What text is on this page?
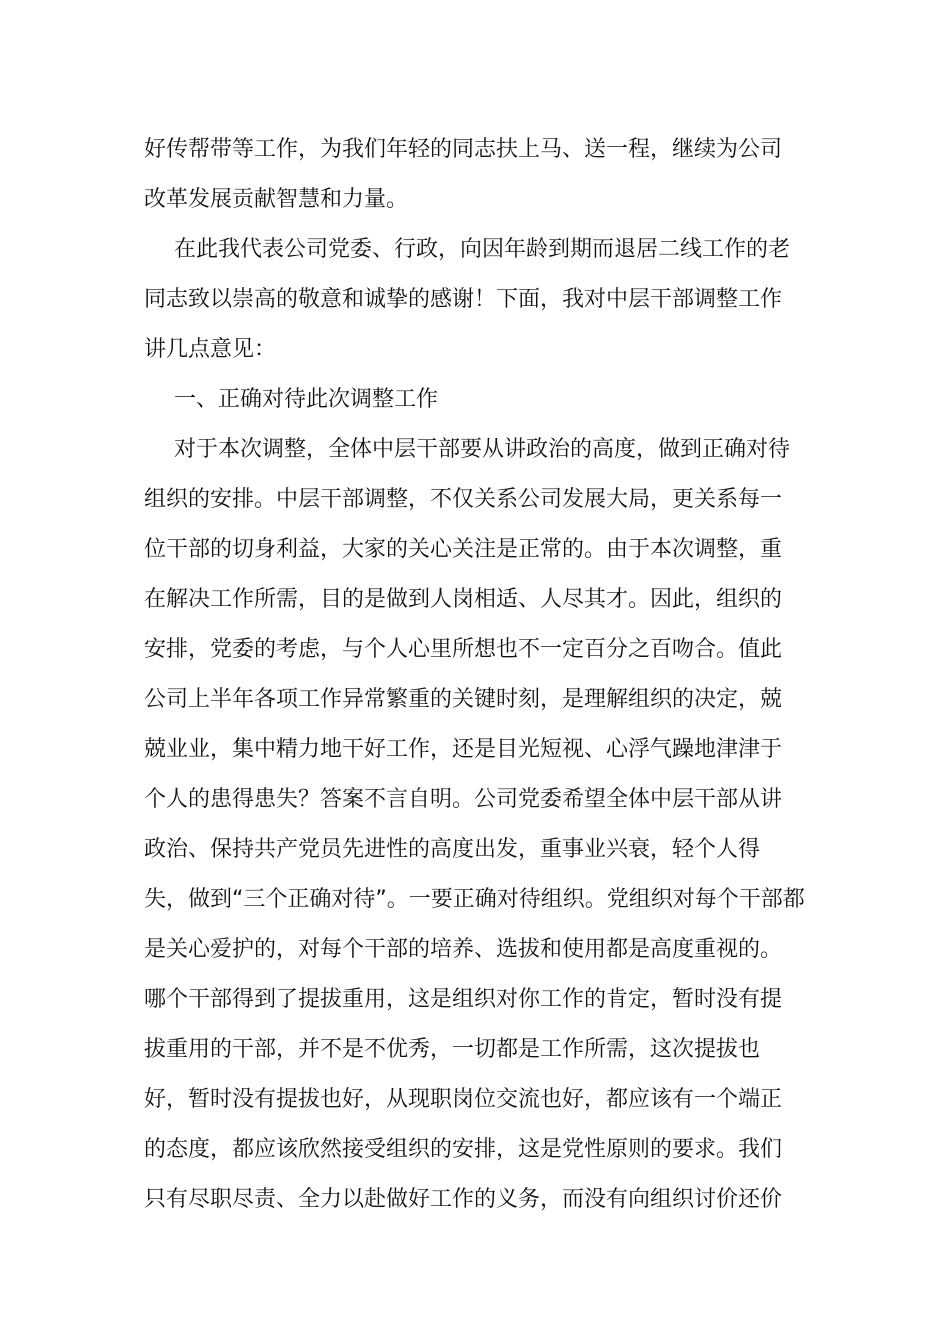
好传帮带等工作，为我们年轻的同志扶上马、送一程，继续为公司
改革发展贡献智慧和力量。
在此我代表公司党委、行政，向因年龄到期而退居二线工作的老
同志致以崇高的敬意和诚挚的感谢！下面，我对中层干部调整工作
讲几点意见：
一、正确对待此次调整工作
对于本次调整，全体中层干部要从讲政治的高度，做到正确对待
组织的安排。中层干部调整，不仅关系公司发展大局，更关系每一
位干部的切身利益，大家的关心关注是正常的。由于本次调整，重
在解决工作所需，目的是做到人岗相适、人尽其才。因此，组织的
安排，党委的考虑，与个人心里所想也不一定百分之百吻合。值此
公司上半年各项工作异常繁重的关键时刻，是理解组织的决定，兢
兢业业，集中精力地干好工作，还是目光短视、心浮气躁地津津于
个人的患得患失？答案不言自明。公司党委希望全体中层干部从讲
政治、保持共产党员先进性的高度出发，重事业兴衰，轻个人得
失，做到“三个正确对待”。一要正确对待组织。党组织对每个干部都
是关心爱护的，对每个干部的培养、选拔和使用都是高度重视的。
哪个干部得到了提拔重用，这是组织对你工作的肯定，暂时没有提
拔重用的干部，并不是不优秀，一切都是工作所需，这次提拔也
好，暂时没有提拔也好，从现职岗位交流也好，都应该有一个端正
的态度，都应该欣然接受组织的安排，这是党性原则的要求。我们
只有尽职尽责、全力以赴做好工作的义务，而没有向组织讨价还价
